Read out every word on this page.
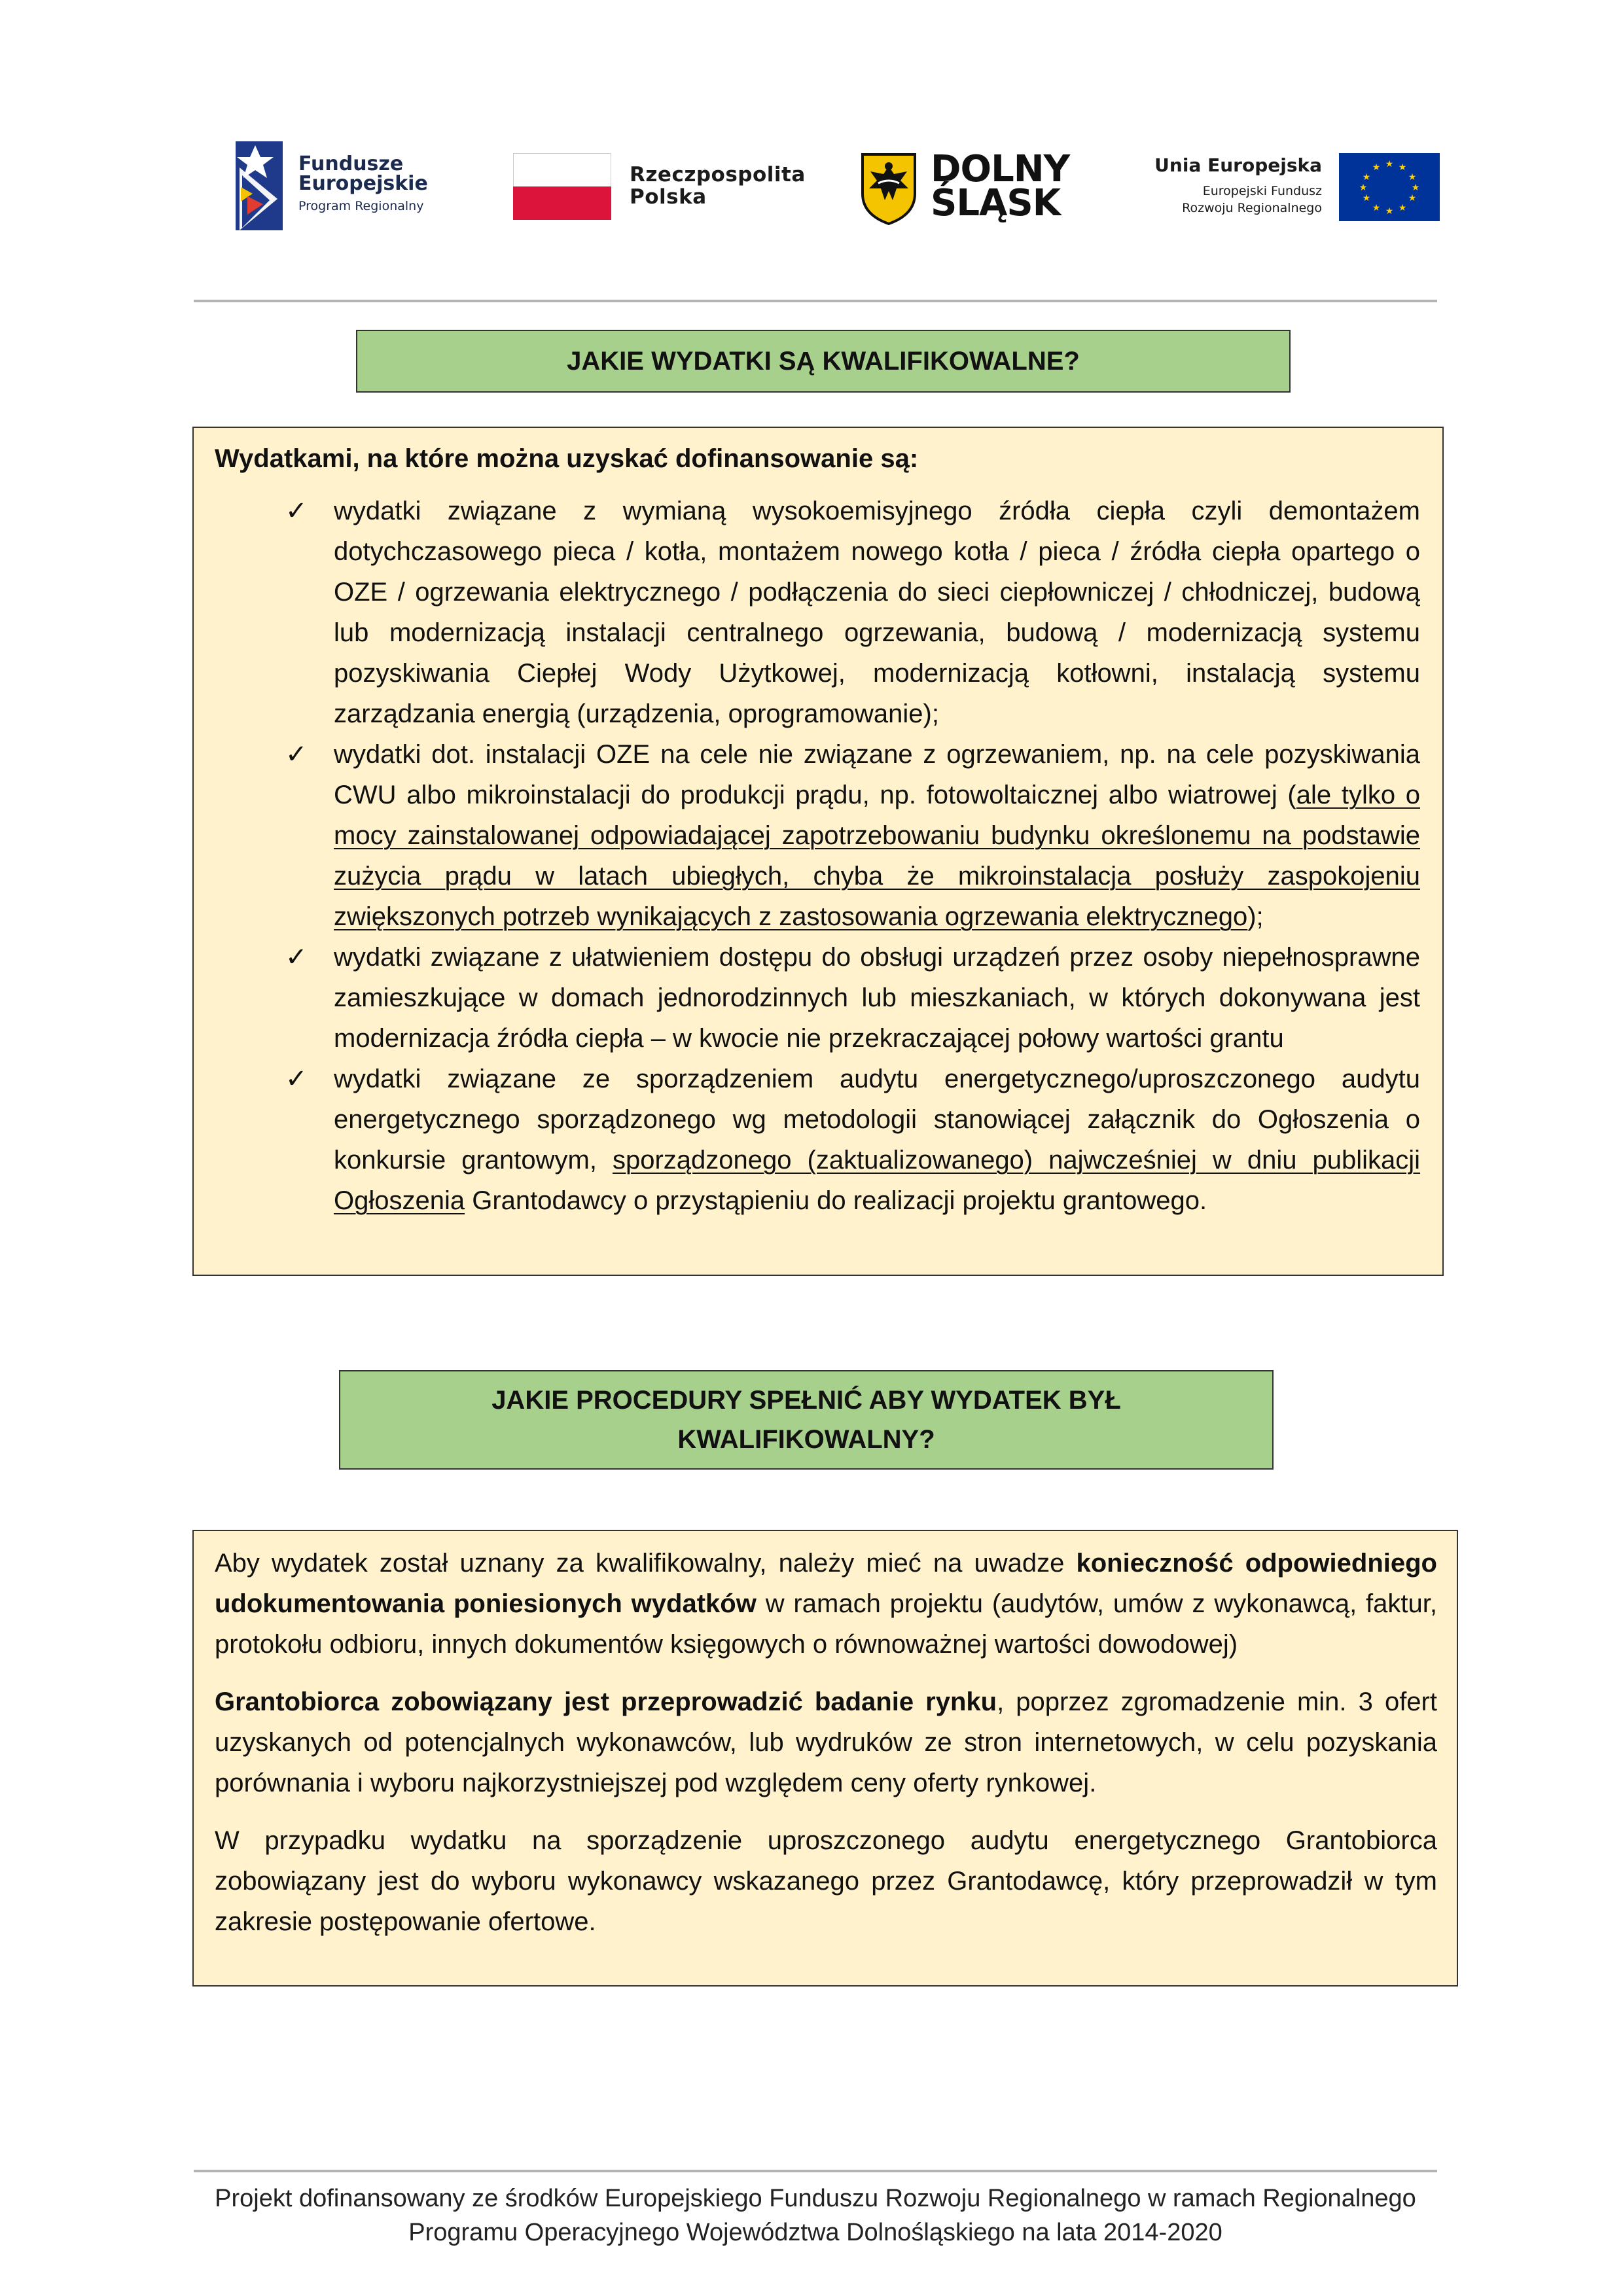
Fundusze
Europejskie
Program Regionalny
Rzeczpospolita
Polska
DOLNY
ŚLĄSK
Unia Europejska
Europejski Fundusz
Rozwoju Regionalnego
★ ★
★
★
★
★
★
★
★
★
★
★
JAKIE WYDATKI SĄ KWALIFIKOWALNE?
Wydatkami, na które można uzyskać dofinansowanie są:
✓ wydatki związane z wymianą wysokoemisyjnego źródła ciepła czyli demontażem dotychczasowego pieca / kotła, montażem nowego kotła / pieca / źródła ciepła opartego o OZE / ogrzewania elektrycznego / podłączenia do sieci ciepłowniczej / chłodniczej, budową lub modernizacją instalacji centralnego ogrzewania, budową / modernizacją systemu pozyskiwania Ciepłej Wody Użytkowej, modernizacją kotłowni, instalacją systemu zarządzania energią (urządzenia, oprogramowanie);
✓ wydatki dot. instalacji OZE na cele nie związane z ogrzewaniem, np. na cele pozyskiwania CWU albo mikroinstalacji do produkcji prądu, np. fotowoltaicznej albo wiatrowej (ale tylko o mocy zainstalowanej odpowiadającej zapotrzebowaniu budynku określonemu na podstawie zużycia prądu w latach ubiegłych, chyba że mikroinstalacja posłuży zaspokojeniu zwiększonych potrzeb wynikających z zastosowania ogrzewania elektrycznego);
✓ wydatki związane z ułatwieniem dostępu do obsługi urządzeń przez osoby niepełnosprawne zamieszkujące w domach jednorodzinnych lub mieszkaniach, w których dokonywana jest modernizacja źródła ciepła – w kwocie nie przekraczającej połowy wartości grantu
✓ wydatki związane ze sporządzeniem audytu energetycznego/uproszczonego audytu energetycznego sporządzonego wg metodologii stanowiącej załącznik do Ogłoszenia o konkursie grantowym, sporządzonego (zaktualizowanego) najwcześniej w dniu publikacji Ogłoszenia Grantodawcy o przystąpieniu do realizacji projektu grantowego.
JAKIE PROCEDURY SPEŁNIĆ ABY WYDATEK BYŁ
KWALIFIKOWALNY?

Aby wydatek został uznany za kwalifikowalny, należy mieć na uwadze konieczność odpowiedniego udokumentowania poniesionych wydatków w ramach projektu (audytów, umów z wykonawcą, faktur, protokołu odbioru, innych dokumentów księgowych o równoważnej wartości dowodowej)

Grantobiorca zobowiązany jest przeprowadzić badanie rynku, poprzez zgromadzenie min. 3 ofert uzyskanych od potencjalnych wykonawców, lub wydruków ze stron internetowych, w celu pozyskania porównania i wyboru najkorzystniejszej pod względem ceny oferty rynkowej.

W przypadku wydatku na sporządzenie uproszczonego audytu energetycznego Grantobiorca zobowiązany jest do wyboru wykonawcy wskazanego przez Grantodawcę, który przeprowadził w tym zakresie postępowanie ofertowe.

Projekt dofinansowany ze środków Europejskiego Funduszu Rozwoju Regionalnego w ramach Regionalnego
Programu Operacyjnego Województwa Dolnośląskiego na lata 2014-2020
